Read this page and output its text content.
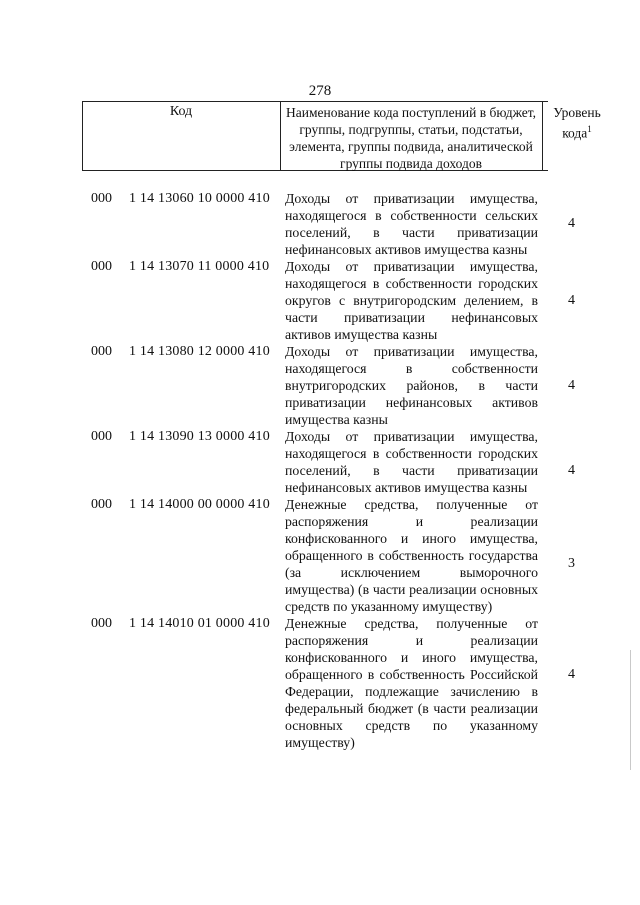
278
Код	Наименование кода поступлений в бюджет, группы, подгруппы, статьи, подстатьи, элемента, группы подвида, аналитической группы подвида доходов
Уровень кода$^1$
000 1 14 13060 10 0000 410 Доходы от приватизации имущества, находящегося в собственности сельских поселений, в части приватизации нефинансовых активов имущества казны
4
000 1 14 13070 11 0000 410 Доходы от приватизации имущества, находящегося в собственности городских округов с внутригородским делением, в части приватизации нефинансовых активов имущества казны
4
000 1 14 13080 12 0000 410 Доходы от приватизации имущества, находящегося в собственности внутригородских районов, в части приватизации нефинансовых активов имущества казны
4
000 1 14 13090 13 0000 410 Доходы от приватизации имущества, находящегося в собственности городских поселений, в части приватизации нефинансовых активов имущества казны
4
000 1 14 14000 00 0000 410 Денежные средства, полученные от распоряжения и реализации конфискованного и иного имущества, обращенного в собственность государства (за исключением выморочного имущества) (в части реализации основных средств по указанному имуществу)
3
000 1 14 14010 01 0000 410 Денежные средства, полученные от распоряжения и реализации конфискованного и иного имущества, обращенного в собственность Российской Федерации, подлежащие зачислению в федеральный бюджет (в части реализации основных средств по указанному имуществу)
4
